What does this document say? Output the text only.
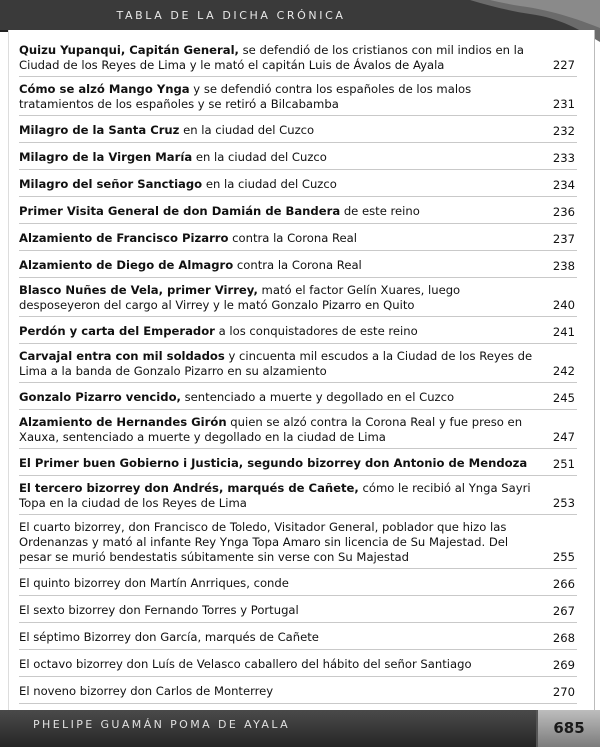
TABLA DE LA DICHA CRÓNICA
Quizu Yupanqui, Capitán General, se defendió de los cristianos con mil indios en la Ciudad de los Reyes de Lima y le mató el capitán Luis de Ávalos de Ayala	227
Cómo se alzó Mango Ynga y se defendió contra los españoles de los malos tratamientos de los españoles y se retiró a Bilcabamba	231
Milagro de la Santa Cruz en la ciudad del Cuzco	232
Milagro de la Virgen María en la ciudad del Cuzco	233
Milagro del señor Sanctiago en la ciudad del Cuzco	234
Primer Visita General de don Damián de Bandera de este reino	236
Alzamiento de Francisco Pizarro contra la Corona Real	237
Alzamiento de Diego de Almagro contra la Corona Real	238
Blasco Nuñes de Vela, primer Virrey, mató el factor Gelín Xuares, luego desposeyeron del cargo al Virrey y le mató Gonzalo Pizarro en Quito	240
Perdón y carta del Emperador a los conquistadores de este reino	241
Carvajal entra con mil soldados y cincuenta mil escudos a la Ciudad de los Reyes de Lima a la banda de Gonzalo Pizarro en su alzamiento	242
Gonzalo Pizarro vencido, sentenciado a muerte y degollado en el Cuzco	245
Alzamiento de Hernandes Girón quien se alzó contra la Corona Real y fue preso en Xauxa, sentenciado a muerte y degollado en la ciudad de Lima	247
El Primer buen Gobierno i Justicia, segundo bizorrey don Antonio de Mendoza	251
El tercero bizorrey don Andrés, marqués de Cañete, cómo le recibió al Ynga Sayri Topa en la ciudad de los Reyes de Lima	253
El cuarto bizorrey, don Francisco de Toledo, Visitador General, poblador que hizo las Ordenanzas y mató al infante Rey Ynga Topa Amaro sin licencia de Su Majestad. Del pesar se murió bendestatis súbitamente sin verse con Su Majestad	255
El quinto bizorrey don Martín Anrriques, conde	266
El sexto bizorrey don Fernando Torres y Portugal	267
El séptimo Bizorrey don García, marqués de Cañete	268
El octavo bizorrey don Luís de Velasco caballero del hábito del señor Santiago	269
El noveno bizorrey don Carlos de Monterrey	270
PHELIPE GUAMÁN POMA DE AYALA	685
